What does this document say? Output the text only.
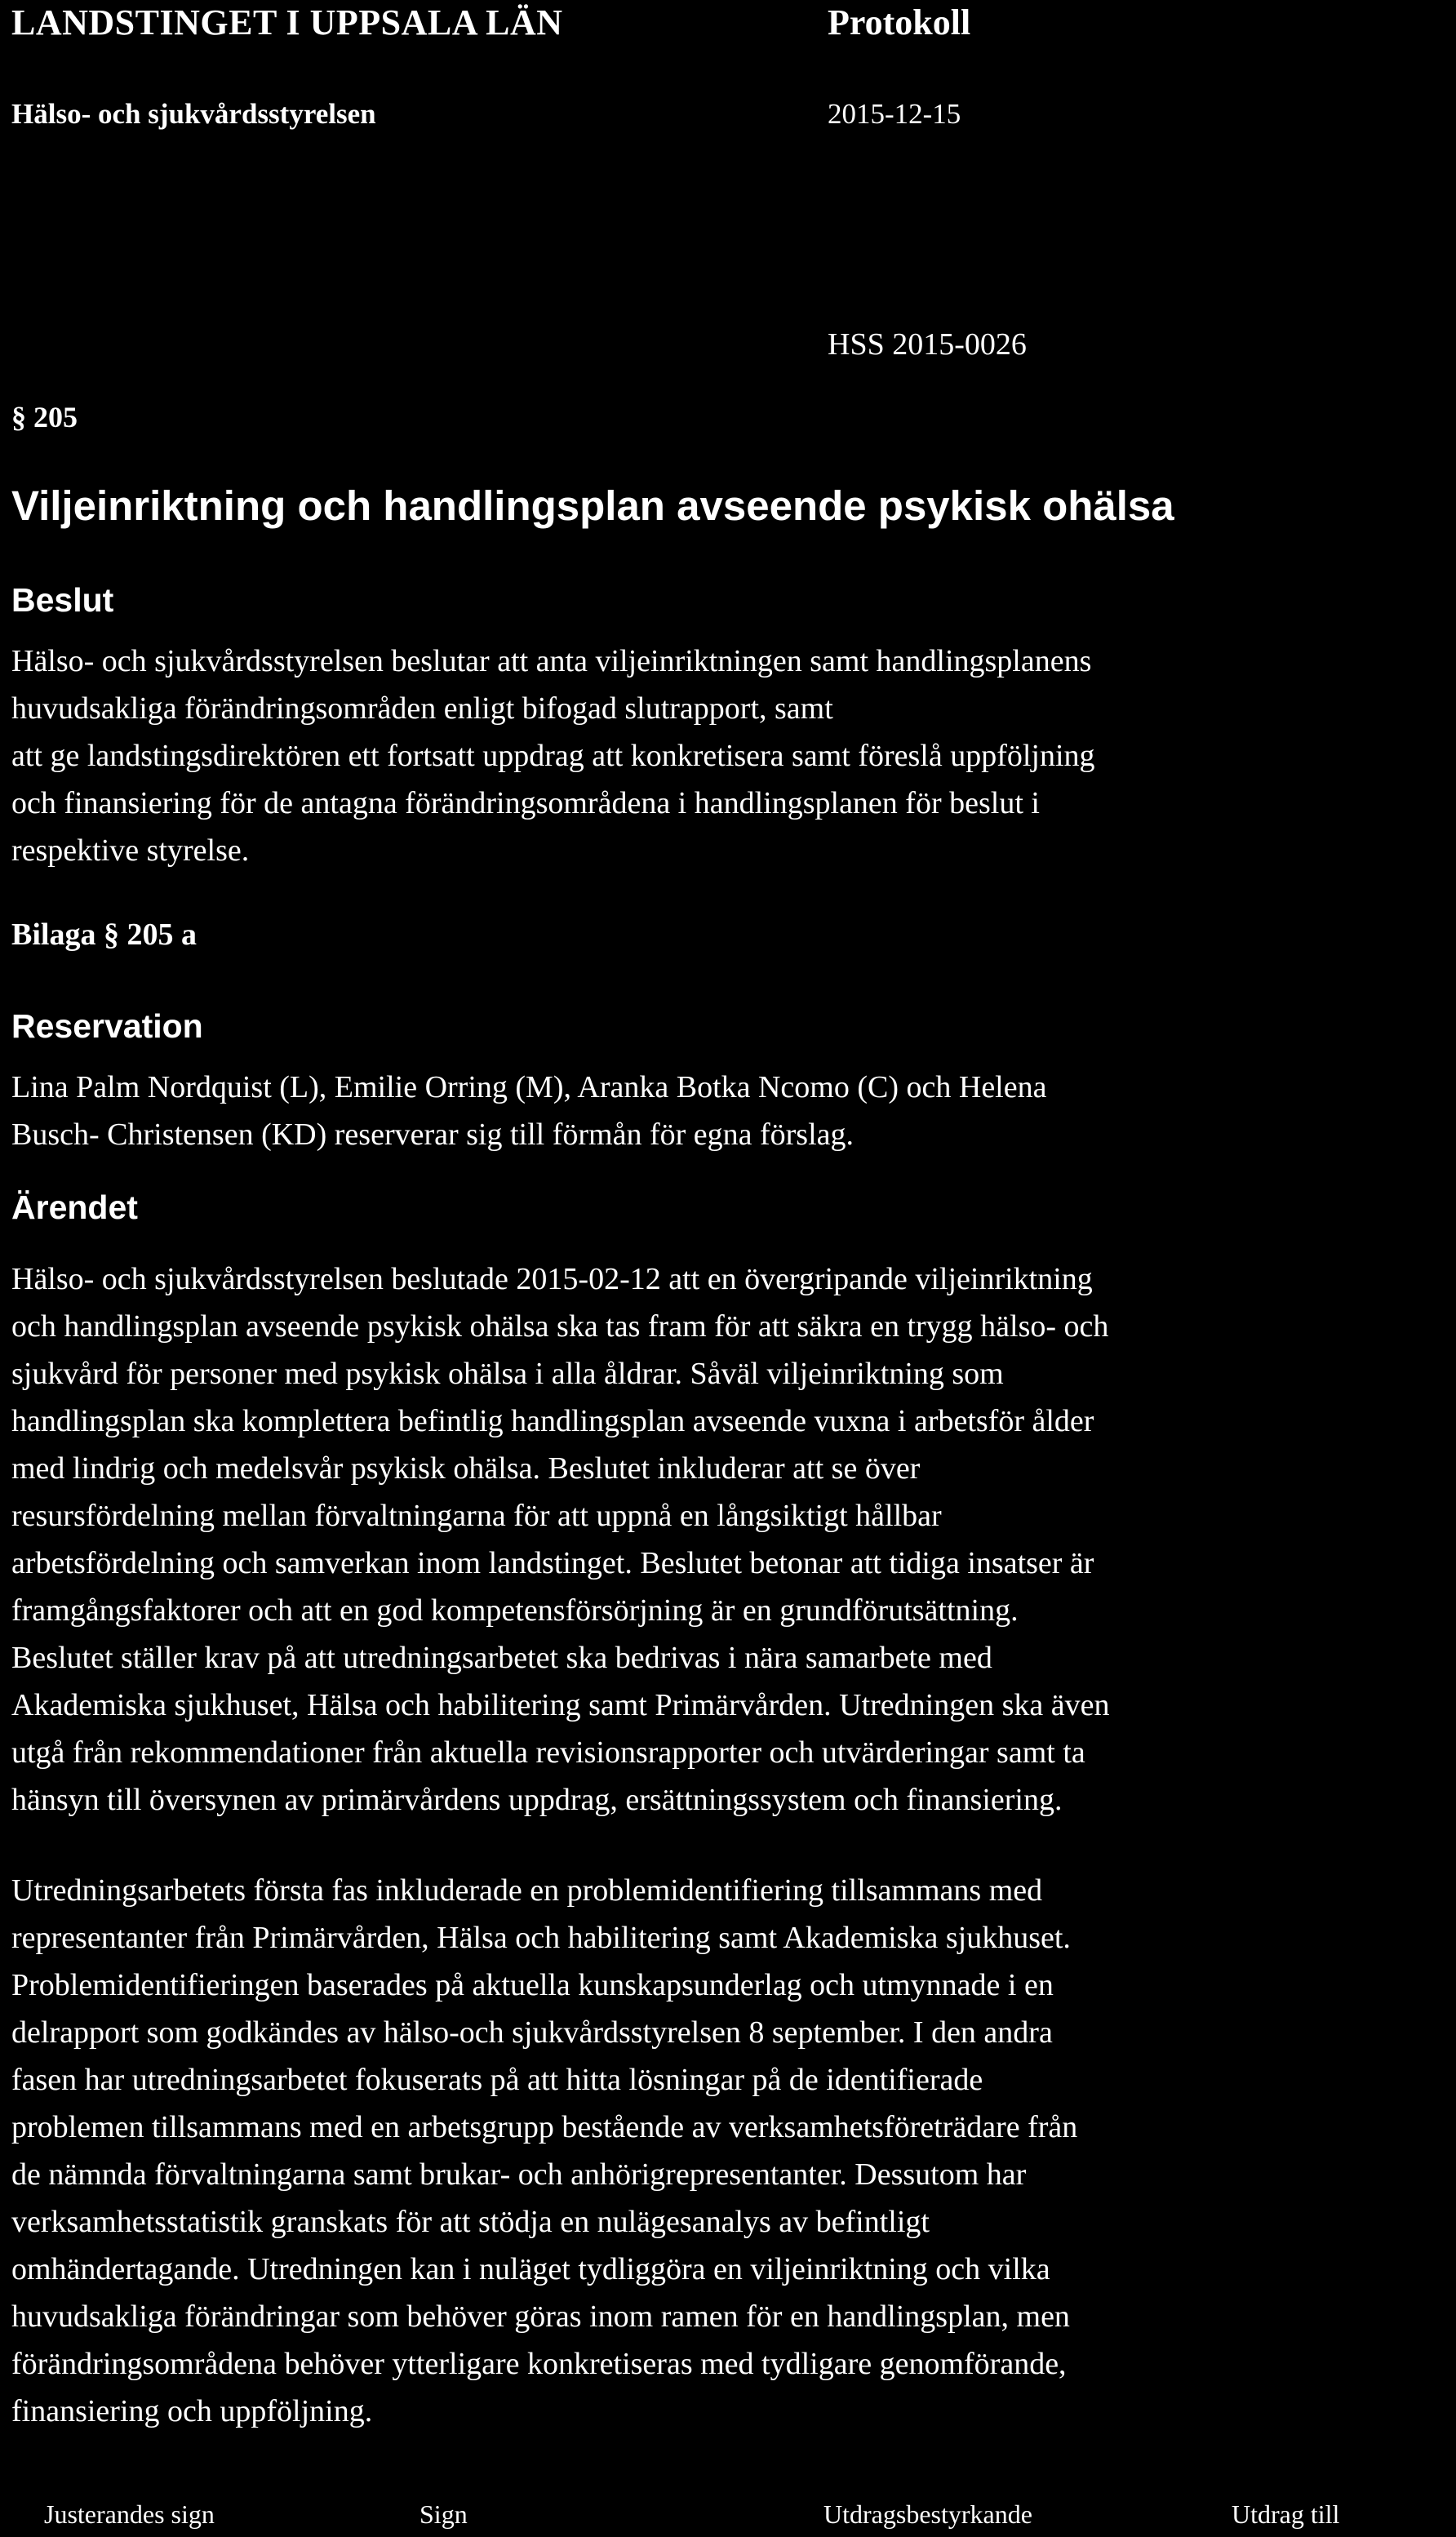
LANDSTINGET I UPPSALA LÄN
Hälso- och sjukvårdsstyrelsen
Protokoll
2015-12-15
HSS 2015-0026
§ 205
Viljeinriktning och handlingsplan avseende psykisk ohälsa
Beslut
Hälso- och sjukvårdsstyrelsen beslutar att anta viljeinriktningen samt handlingsplanens
huvudsakliga förändringsområden enligt bifogad slutrapport, samt
att ge landstingsdirektören ett fortsatt uppdrag att konkretisera samt föreslå uppföljning
och finansiering för de antagna förändringsområdena i handlingsplanen för beslut i
respektive styrelse.
Bilaga § 205 a
Reservation
Lina Palm Nordquist (L), Emilie Orring (M), Aranka Botka Ncomo (C) och Helena
Busch- Christensen (KD) reserverar sig till förmån för egna förslag.
Ärendet
Hälso- och sjukvårdsstyrelsen beslutade 2015-02-12 att en övergripande viljeinriktning
och handlingsplan avseende psykisk ohälsa ska tas fram för att säkra en trygg hälso- och
sjukvård för personer med psykisk ohälsa i alla åldrar. Såväl viljeinriktning som
handlingsplan ska komplettera befintlig handlingsplan avseende vuxna i arbetsför ålder
med lindrig och medelsvår psykisk ohälsa. Beslutet inkluderar att se över
resursfördelning mellan förvaltningarna för att uppnå en långsiktigt hållbar
arbetsfördelning och samverkan inom landstinget. Beslutet betonar att tidiga insatser är
framgångsfaktorer och att en god kompetensförsörjning är en grundförutsättning.
Beslutet ställer krav på att utredningsarbetet ska bedrivas i nära samarbete med
Akademiska sjukhuset, Hälsa och habilitering samt Primärvården. Utredningen ska även
utgå från rekommendationer från aktuella revisionsrapporter och utvärderingar samt ta
hänsyn till översynen av primärvårdens uppdrag, ersättningssystem och finansiering.
Utredningsarbetets första fas inkluderade en problemidentifiering tillsammans med
representanter från Primärvården, Hälsa och habilitering samt Akademiska sjukhuset.
Problemidentifieringen baserades på aktuella kunskapsunderlag och utmynnade i en
delrapport som godkändes av hälso-och sjukvårdsstyrelsen 8 september. I den andra
fasen har utredningsarbetet fokuserats på att hitta lösningar på de identifierade
problemen tillsammans med en arbetsgrupp bestående av verksamhetsföreträdare från
de nämnda förvaltningarna samt brukar- och anhörigrepresentanter. Dessutom har
verksamhetsstatistik granskats för att stödja en nulägesanalys av befintligt
omhändertagande. Utredningen kan i nuläget tydliggöra en viljeinriktning och vilka
huvudsakliga förändringar som behöver göras inom ramen för en handlingsplan, men
förändringsområdena behöver ytterligare konkretiseras med tydligare genomförande,
finansiering och uppföljning.
Justerandes sign	Sign	Utdragsbestyrkande	Utdrag till
